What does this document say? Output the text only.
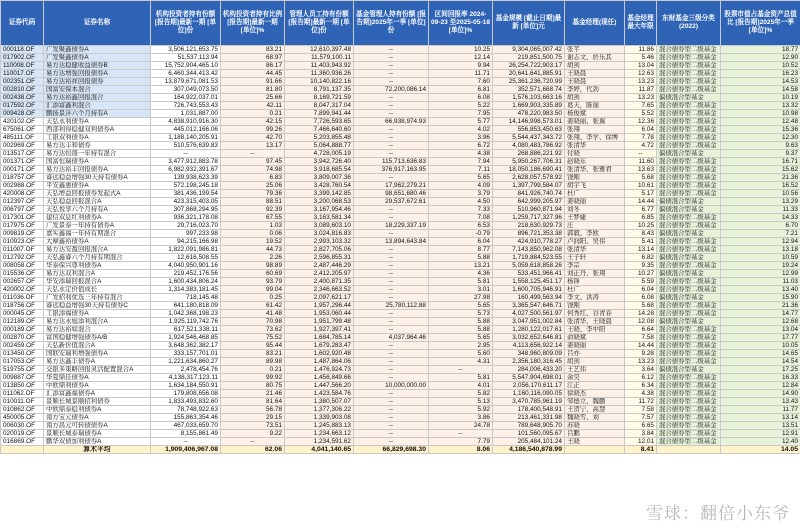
证券代码	证券名称	机构投资者持有份额 [报告期]最新一期 [单位]份	机构投资者持有比例 [报告期]最新一期 [单位]%	管理人员工持有份额 [报告期]最新一期 [单位]份	基金管理人持有份额 [报告期]2025年一季 [单位]份	区间回报率 2024-09-23 至2025-05-18 [单位]%	基金规模 [截止日期]最新 [单位]元	基金经理(现任)	基金经理最大年限	东财基金三级分类 (2022)	股票市值占基金资产总值比 [报告期]2025年一季 [单位]%
000118.OF	广发聚鑫债券A	3,506,121,653.75	83.21	12,610,397.48	--	10.25	9,304,065,007.42	张芊	11.86	混合债券型二级基金	18.77
017902.OF	广发聚鑫债券A	51,537,113.94	68.97	11,579,100.11	--	12.14	219,851,500.75	谢志文、於乐其	5.46	混合债券型二级基金	12.90
110008.OF	易方达稳健收益债券B	15,752,904,465.10	86.17	11,403,943.92	--	9.94	26,254,722,903.17	胡剑	13.04	混合债券型二级基金	10.52
110017.OF	易方达增强回报债券A	6,460,344,413.42	44.45	11,360,936.26	--	11.71	20,641,641,885.91	王晓晨	12.63	混合债券型二级基金	16.23
002351.OF	易方达裕祥回报债券	13,879,671,081.53	91.66	10,140,822.16	--	7.60	25,361,236,720.99	王晓晨	13.23	混合债券型二级基金	14.53
002810.OF	国富安保本混合	307,049,073.50	81.80	8,791,137.35	72,200,086.14	6.81	352,571,668.74	李婷，代劲	11.87	混合债券型二级基金	14.58
002438.OF	易方达裕鑫回报混合	164,922,037.01	25.66	8,169,721.59	--	6.08	1,576,103,663.16	胡剑	13.23	偏债混合型基金	10.19
017592.OF	汇添富鑫利混合	726,743,553.43	42.11	8,047,317.04	--	5.22	1,669,903,335.89	葛天，陈丽	7.65	混合债券型二级基金	13.32
009428.OF	鹏扬景沣六个月持有A	1,031,887.00	0.21	7,899,941.44	--	7.95	478,220,983.50	杨俊斌	5.52	混合债券型二级基金	10.98
420102.OF	天弘永利债券A	4,838,910,916.30	42.15	7,726,593.65	66,938,974.93	5.77	14,146,998,573.01	姜晓丽、张翼	12.36	混合债券型二级基金	12.48
675061.OF	西部利得稳健双利债券A	445,012,166.06	99.26	7,466,640.60	--	4.02	556,853,450.63	张翔	6.04	混合债券型二级基金	15.36
485111.OF	工银双利债券A	1,188,140,205.91	42.70	5,203,855.48	--	3.96	5,544,437,343.72	张翔、李学、徐博	7.78	混合债券型二级基金	12.30
002969.OF	易方达丰和债券	510,576,639.83	13.17	5,064,888.77	--	6.72	4,080,483,786.92	张清华	4.72	混合债券型二级基金	9.63
013517.OF	易方达恒盛一年持有混合	--	--	4,728,005.19	--	4.38	268,886,221.92	付晓	--	偏债混合型基金	9.37
001371.OF	国富恒瑞债券A	3,477,912,883.78	97.45	3,942,726.40	115,713,636.83	7.94	5,950,267,706.31	赵晓东	11.60	混合债券型二级基金	16.71
000171.OF	易方达裕丰回报债券A	6,982,932,391.67	74.98	3,918,685.54	376,917,163.95	7.11	18,050,186,690.41	张清华、张雅君	13.63	混合债券型二级基金	15.62
018757.OF	睿远稳益增强30天持有债券A	139,938,623.39	6.83	3,809,007.36	--	5.65	2,628,057,578.92	饶刚	5.68	混合债券型二级基金	21.36
002988.OF	平安鑫惠债券A	572,198,245.18	25.06	3,428,760.54	17,962,279.21	4.09	1,397,799,584.07	胡宇飞	10.61	混合债券型二级基金	16.52
420008.OF	天弘增益回报债券发起式A	381,436,199.54	79.36	3,399,142.85	98,651,680.46	3.79	841,926,740.74	杜广	5.17	混合债券型二级基金	10.56
012397.OF	天弘稳益回报混合A	423,315,403.05	88.51	3,200,068.53	29,537,672.61	4.50	642,999,205.97	姜晓丽	14.44	偏债混合型基金	13.29
006797.OF	天弘悦享六个月持有A	307,868,294.95	92.39	3,167,954.46	--	7.33	510,960,871.94	刘冬	6.77	偏债混合型基金	11.33
017301.OF	建信双息红利债券A	936,321,178.08	67.55	3,163,581.34	--	7.08	1,259,717,327.96	王梦婕	6.85	混合债券型二级基金	14.33
017975.OF	广发景泰一年持有债券A	29,716,023.70	1.03	3,089,603.10	18,229,337.19	6.53	218,630,929.73	庄	10.25	混合债券型二级基金	6.70
009819.OF	嘉实鑫福一年持有期混合	997,233.98	0.06	3,024,816.83	--	-0.79	896,721,353.38	郭毅、李欧	8.43	偏债混合型基金	7.21
010923.OF	大摩鑫裕债券A	94,215,166.98	19.52	2,993,103.32	13,894,643.84	6.04	424,910,778.27	卢润阳、吴伟	5.41	混合债券型二级基金	12.94
011007.OF	易方达安盈回报混合A	1,822,091,986.81	44.73	2,827,705.06	--	8.77	7,143,850,962.08	张清华	13.14	混合债券型二级基金	13.18
012792.OF	天弘鑫睿六个月持有期混合	12,616,508.55	2.26	2,596,855.31	--	5.88	1,719,884,523.55	王子轩	6.82	偏债混合型基金	10.59
008058.OF	华泰保兴尊利债券A	4,040,950,901.16	98.89	2,487,446.29	--	13.21	5,059,618,858.26	李宗	9.35	混合债券型二级基金	19.24
015536.OF	易方达双利混合A	219,452,176.56	60.69	2,412,205.97	--	4.36	533,451,966.41	刘正丹、张翔	10.27	偏债混合型基金	12.99
002657.OF	华安添瑞回报混合A	1,600,434,806.24	93.79	2,400,871.35	--	5.81	1,558,125,451.17	杨锋	5.59	混合债券型二级基金	11.03
420002.OF	天弘永定价值成长	1,314,383,181.45	99.04	2,346,663.52	--	3.01	1,600,705,946.91	杜广	6.04	混合债券型二级基金	13.40
011036.OF	广发招利优选三年持有混合	718,145.48	0.25	2,097,621.17	--	27.98	160,499,563.94	李文、洪涛	6.08	偏债混合型基金	15.90
018756.OF	睿远稳益增强30天持有债券C	641,180,818.09	61.42	1,957,296.44	25,780,112.88	5.65	3,365,547,646.71	饶刚	5.68	混合债券型二级基金	21.36
000045.OF	工银添福债券A	1,042,368,198.23	41.48	1,953,060.44	--	5.73	4,027,500,561.97	何秀红、谷青春	14.28	混合债券型二级基金	14.77
012189.OF	易方达永旭添利混合A	1,925,119,742.76	70.98	1,951,799.48	--	5.88	3,047,951,002.84	张清华、王晓晨	12.08	偏债混合型基金	12.68
000189.OF	易方达裕如混合	617,521,338.11	73.62	1,927,397.41	--	5.88	1,280,122,017.61	王晓、李中阳	6.64	混合债券型二级基金	13.04
002870.OF	富国稳健增强债券A/B	1,924,546,468.85	75.52	1,684,785.14	4,037,964.46	5.65	3,032,652,646.81	俞晓斌	7.58	混合债券型二级基金	17.77
002459.OF	天弘新价值混合A	3,648,362,382.17	95.44	1,679,283.47	--	2.95	4,113,656,922.14	姜晓丽	14.44	混合债券型二级基金	10.05
013450.OF	国联安瑞利增强债券A	333,157,701.01	83.21	1,602,920.48	--	5.60	348,960,809.09	吕亦	9.28	混合债券型二级基金	14.65
017053.OF	易方达鑫丰债券A	1,221,634,860.27	89.98	1,487,864.06	--	4.31	2,356,180,316.45	胡剑	13.23	混合债券型二级基金	14.54
519755.OF	交银多策略回报灵活配置混合A	2,478,454.76	0.21	1,476,924.73	--	--	284,006,433.20	王艺伟	3.64	偏债混合型基金	17.25
009887.OF	华夏鼎佳债券A	4,138,317,123.11	99.92	1,456,849.66	--	5.81	5,547,904,698.01	余昊	6.12	混合债券型二级基金	16.33
013850.OF	中欧鼎利债券A	1,634,184,550.91	80.75	1,447,566.20	10,000,000.00	4.01	2,056,170,611.17	江正	6.34	混合债券型二级基金	12.84
011062.OF	汇添富鑫福债券A	179,808,656.08	21.46	1,423,584.76	--	5.82	1,160,116,090.05	徐晓杰	4.38	混合债券型二级基金	14.90
010011.OF	景顺长城景颐招利债券	1,833,493,832.60	81.64	1,380,507.07	--	5.13	3,470,785,961.19	邹德立、魏鹏	11.72	混合债券型二级基金	13.43
010862.OF	中欧鼎泰稳利债券A	78,748,922.63	56.78	1,377,306.22	--	5.92	178,400,548.91	王贺宁、高慧	7.58	混合债券型二级基金	11.77
450005.OF	南方宝元债券A	155,863,354.46	29.15	1,339,903.08	--	3.86	213,461,331.98	魏晓雪、刘	7.57	混合债券型二级基金	13.14
006030.OF	南方昌元可转债债券A	467,033,659.70	73.51	1,245,883.13	--	24.78	789,648,905.70	苏晓	6.65	混合债券型二级基金	13.51
020019.OF	景顺长城泰瑞债券A	8,155,861.49	9.22	1,234,663.12	--	--	101,560,095.67	吕鹏	3.84	混合债券型二级基金	12.91
016869.OF	鹏华双债加利债券A	--	--	1,234,591.62	--	7.79	205,484,101.24	王晓	12.01	混合债券型二级基金	12.40
	算术平均	1,909,406,967.08	62.06	4,041,140.65	66,829,698.30	8.06	4,186,540,878.99		8.41		14.05
雪球：翻倍小东爷
